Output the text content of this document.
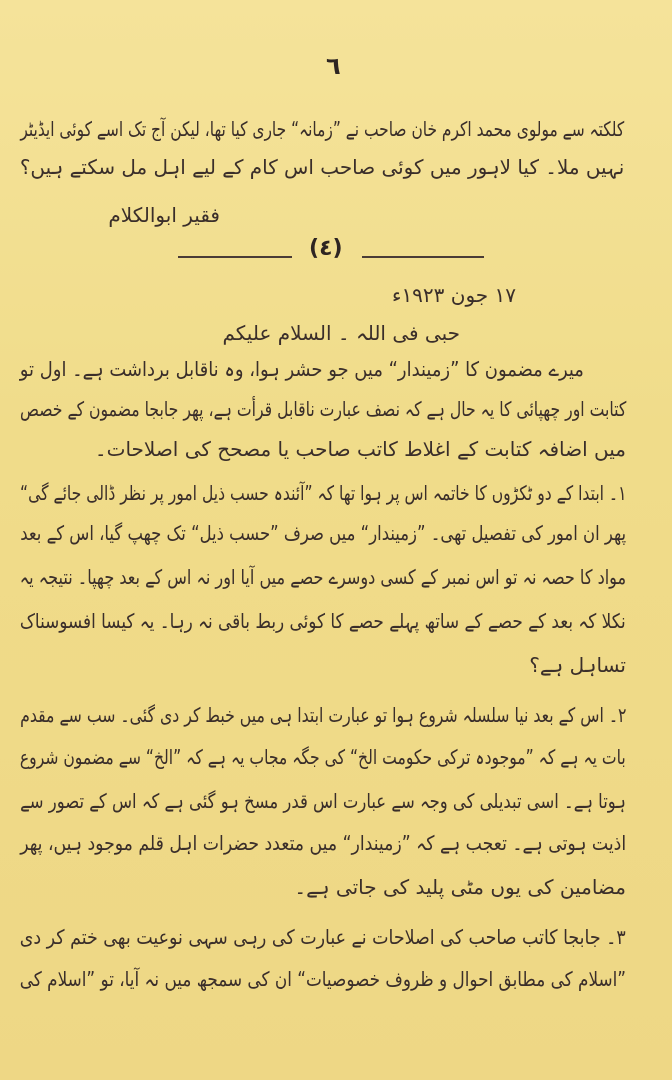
٦
کلکتہ سے مولوی محمد اکرم خان صاحب نے ”زمانہ“ جاری کیا تھا، لیکن آج تک اسے کوئی ایڈیٹر
نہیں ملا۔ کیا لاہور میں کوئی صاحب اس کام کے لیے اہل مل سکتے ہیں؟
فقیر ابوالکلام
(٤)
١٧ جون ١٩٢٣ء
حبی فی اللہ ۔ السلام علیکم
میرے مضمون کا ”زمیندار“ میں جو حشر ہوا، وہ ناقابل برداشت ہے۔ اول تو
کتابت اور چھپائی کا یہ حال ہے کہ نصف عبارت ناقابل قرأت ہے، پھر جابجا مضمون کے خصص
میں اضافہ کتابت کے اغلاط کاتب صاحب یا مصحح کی اصلاحات۔
١۔ ابتدا کے دو ٹکڑوں کا خاتمہ اس پر ہوا تھا کہ ”آئندہ حسب ذیل امور پر نظر ڈالی جائے گی“
پھر ان امور کی تفصیل تھی۔ ”زمیندار“ میں صرف ”حسب ذیل“ تک چھپ گیا، اس کے بعد
مواد کا حصہ نہ تو اس نمبر کے کسی دوسرے حصے میں آیا اور نہ اس کے بعد چھپا۔ نتیجہ یہ
نکلا کہ بعد کے حصے کے ساتھ پہلے حصے کا کوئی ربط باقی نہ رہا۔ یہ کیسا افسوسناک
تساہل ہے؟
٢۔ اس کے بعد نیا سلسلہ شروع ہوا تو عبارت ابتدا ہی میں خبط کر دی گئی۔ سب سے مقدم
بات یہ ہے کہ ”موجودہ ترکی حکومت الخ“ کی جگہ مجاب یہ ہے کہ ”الخ“ سے مضمون شروع
ہوتا ہے۔ اسی تبدیلی کی وجہ سے عبارت اس قدر مسخ ہو گئی ہے کہ اس کے تصور سے
اذیت ہوتی ہے۔ تعجب ہے کہ ”زمیندار“ میں متعدد حضرات اہل قلم موجود ہیں، پھر
مضامین کی یوں مٹی پلید کی جاتی ہے۔
٣۔ جابجا کاتب صاحب کی اصلاحات نے عبارت کی رہی سہی نوعیت بھی ختم کر دی
”اسلام کی مطابق احوال و ظروف خصوصیات“ ان کی سمجھ میں نہ آیا، تو ”اسلام کی
